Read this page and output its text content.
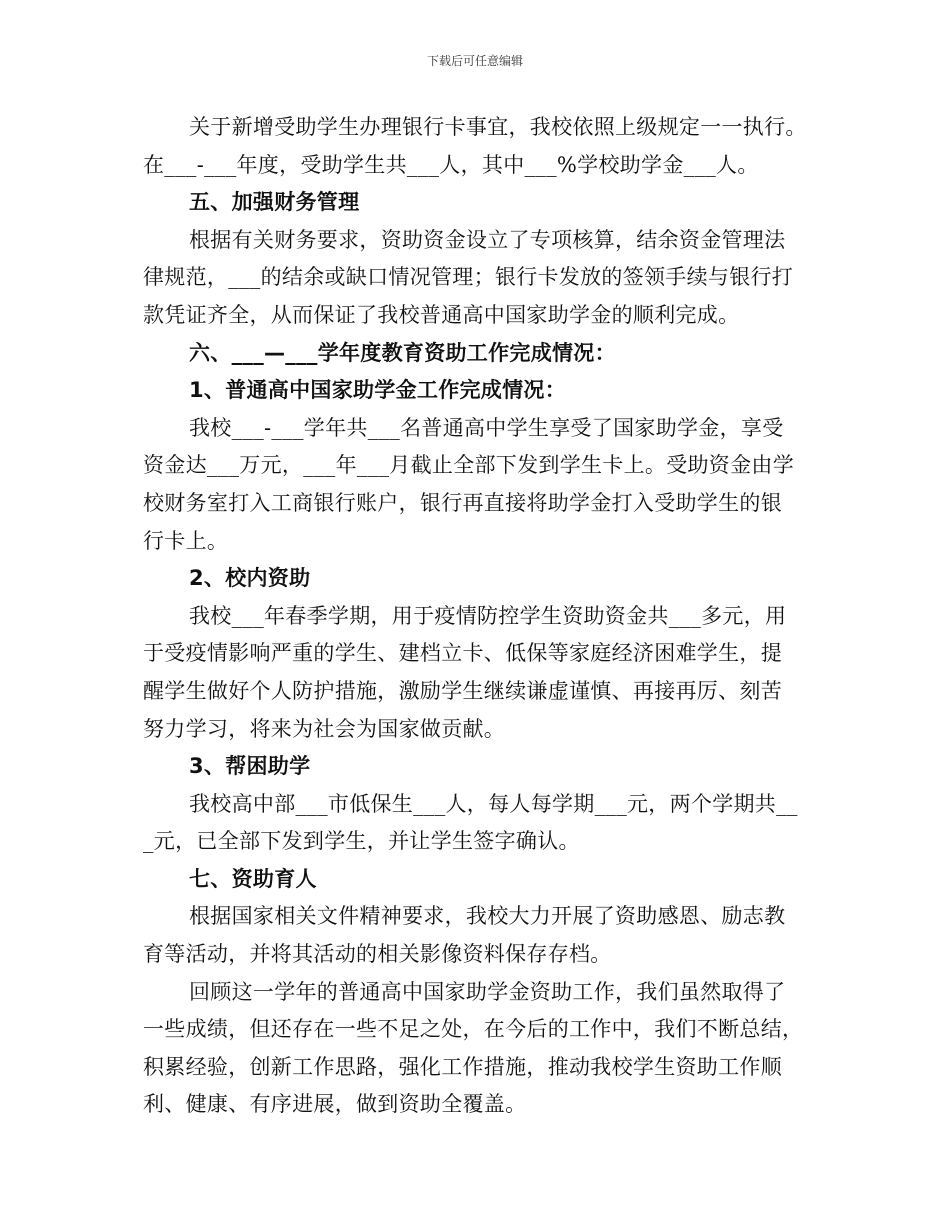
下载后可任意编辑
关于新增受助学生办理银行卡事宜，我校依照上级规定一一执行。
在___-___年度，受助学生共___人，其中___%学校助学金___人。
五、加强财务管理
根据有关财务要求，资助资金设立了专项核算，结余资金管理法
律规范，___的结余或缺口情况管理；银行卡发放的签领手续与银行打
款凭证齐全，从而保证了我校普通高中国家助学金的顺利完成。
六、___—___学年度教育资助工作完成情况：
1、普通高中国家助学金工作完成情况：
我校___-___学年共___名普通高中学生享受了国家助学金，享受
资金达___万元，___年___月截止全部下发到学生卡上。受助资金由学
校财务室打入工商银行账户，银行再直接将助学金打入受助学生的银
行卡上。
2、校内资助
我校___年春季学期，用于疫情防控学生资助资金共___多元，用
于受疫情影响严重的学生、建档立卡、低保等家庭经济困难学生，提
醒学生做好个人防护措施，激励学生继续谦虚谨慎、再接再厉、刻苦
努力学习，将来为社会为国家做贡献。
3、帮困助学
我校高中部___市低保生___人，每人每学期___元，两个学期共__
_元，已全部下发到学生，并让学生签字确认。
七、资助育人
根据国家相关文件精神要求，我校大力开展了资助感恩、励志教
育等活动，并将其活动的相关影像资料保存存档。
回顾这一学年的普通高中国家助学金资助工作，我们虽然取得了
一些成绩，但还存在一些不足之处，在今后的工作中，我们不断总结，
积累经验，创新工作思路，强化工作措施，推动我校学生资助工作顺
利、健康、有序进展，做到资助全覆盖。
